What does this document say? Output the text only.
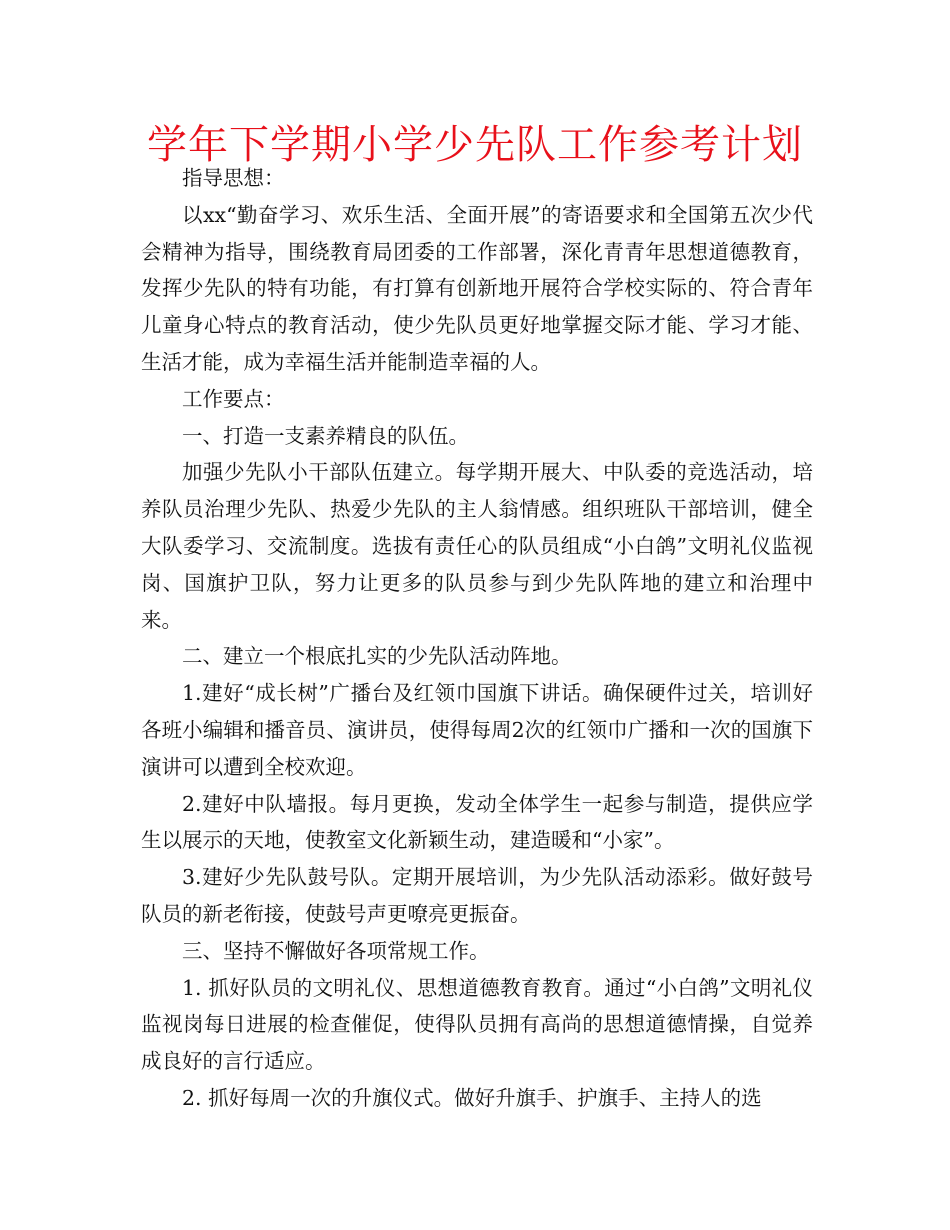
学年下学期小学少先队工作参考计划

指导思想：

以xx“勤奋学习、欢乐生活、全面开展”的寄语要求和全国第五次少代会精神为指导，围绕教育局团委的工作部署，深化青青年思想道德教育，发挥少先队的特有功能，有打算有创新地开展符合学校实际的、符合青年儿童身心特点的教育活动，使少先队员更好地掌握交际才能、学习才能、生活才能，成为幸福生活并能制造幸福的人。

工作要点：

一、打造一支素养精良的队伍。

加强少先队小干部队伍建立。每学期开展大、中队委的竞选活动，培养队员治理少先队、热爱少先队的主人翁情感。组织班队干部培训，健全大队委学习、交流制度。选拔有责任心的队员组成“小白鸽”文明礼仪监视岗、国旗护卫队，努力让更多的队员参与到少先队阵地的建立和治理中来。

二、建立一个根底扎实的少先队活动阵地。

1.建好“成长树”广播台及红领巾国旗下讲话。确保硬件过关，培训好各班小编辑和播音员、演讲员，使得每周2次的红领巾广播和一次的国旗下演讲可以遭到全校欢迎。

2.建好中队墙报。每月更换，发动全体学生一起参与制造，提供应学生以展示的天地，使教室文化新颖生动，建造暖和“小家”。

3.建好少先队鼓号队。定期开展培训，为少先队活动添彩。做好鼓号队员的新老衔接，使鼓号声更嘹亮更振奋。

三、坚持不懈做好各项常规工作。

1. 抓好队员的文明礼仪、思想道德教育教育。通过“小白鸽”文明礼仪监视岗每日进展的检查催促，使得队员拥有高尚的思想道德情操，自觉养成良好的言行适应。

2. 抓好每周一次的升旗仪式。做好升旗手、护旗手、主持人的选
